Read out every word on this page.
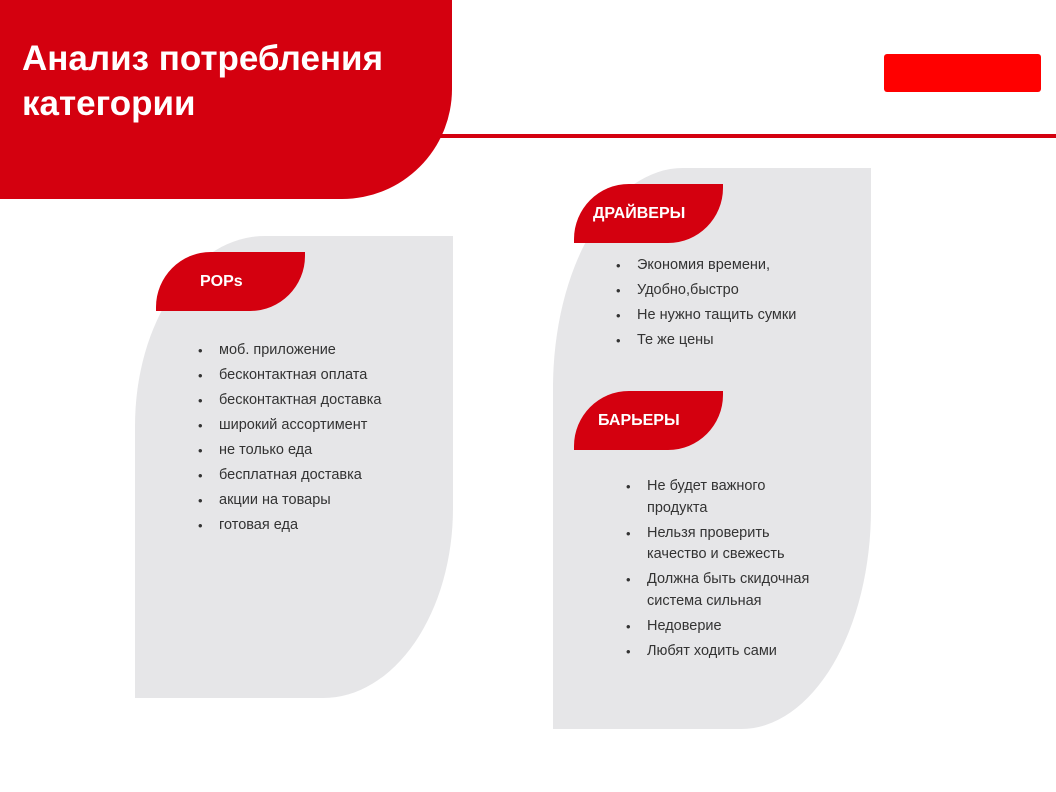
Анализ потребления категории
POPs
• моб. приложение
• бесконтактная оплата
• бесконтактная доставка
• широкий ассортимент
• не только еда
• бесплатная доставка
• акции на товары
• готовая еда
ДРАЙВЕРЫ
• Экономия времени,
• Удобно,быстро
• Не нужно тащить сумки
• Те же цены
БАРЬЕРЫ
• Не будет важного продукта
• Нельзя проверить качество и свежесть
• Должна быть скидочная система сильная
• Недоверие
• Любят ходить сами
